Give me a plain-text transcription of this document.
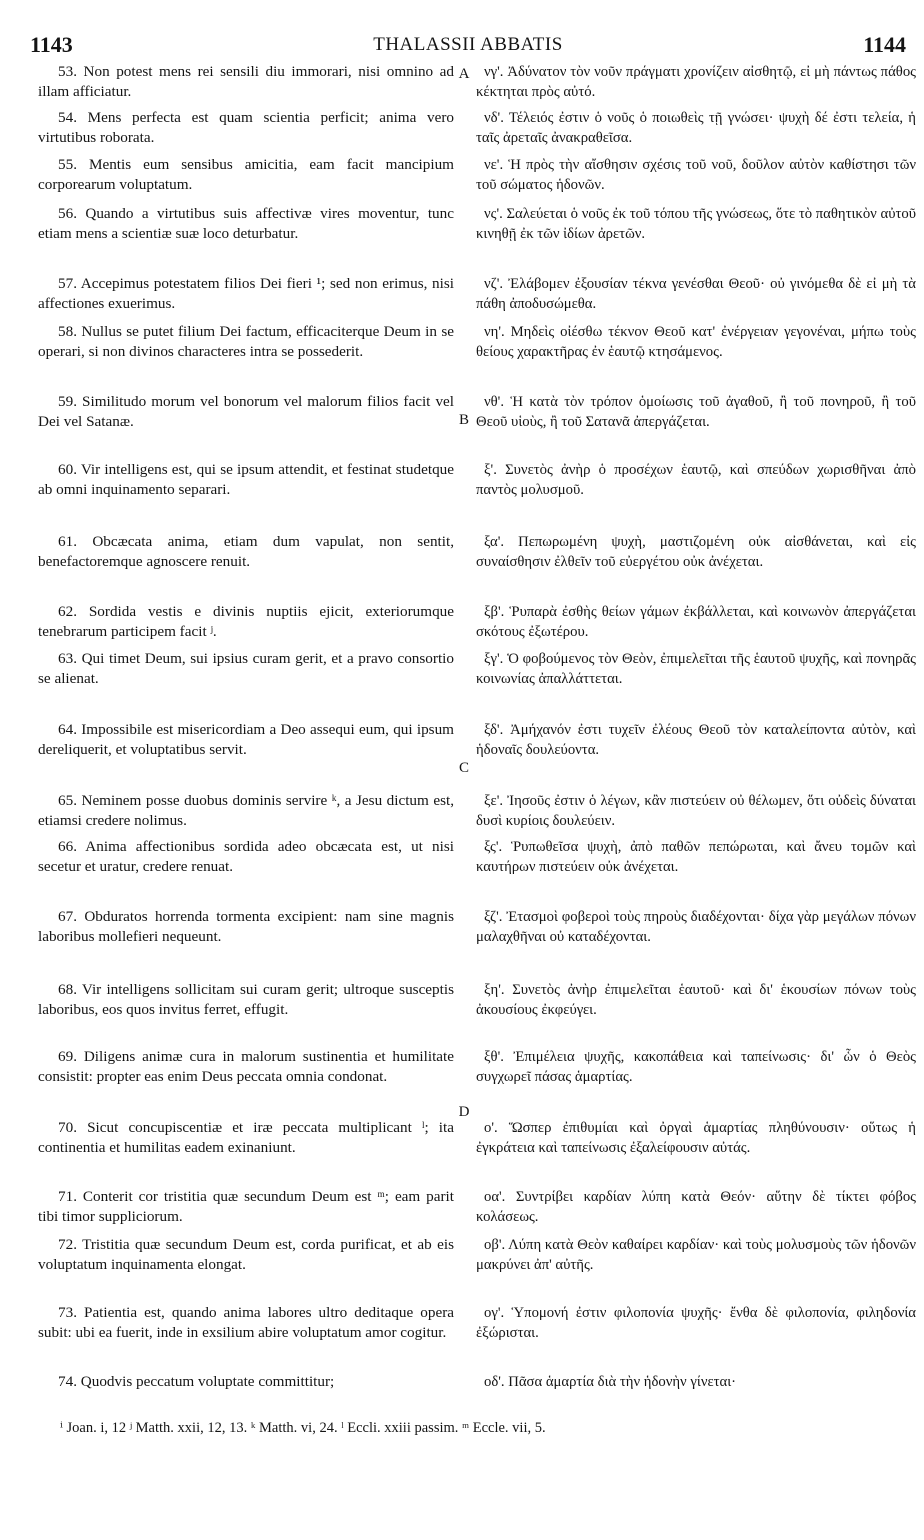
1143	THALASSII ABBATIS	1144

53. Non potest mens rei sensili diu immorari, nisi omnino ad illam afficiatur.

54. Mens perfecta est quam scientia perficit; anima vero virtutibus roborata.

55. Mentis eum sensibus amicitia, eam facit mancipium corporearum voluptatum.

56. Quando a virtutibus suis affectivæ vires moventur, tunc etiam mens a scientiæ suæ loco deturbatur.

57. Accepimus potestatem filios Dei fieri ¹; sed non erimus, nisi affectiones exuerimus.

58. Nullus se putet filium Dei factum, efficaciterque Deum in se operari, si non divinos characteres intra se possederit.

59. Similitudo morum vel bonorum vel malorum filios facit vel Dei vel Satanæ.

60. Vir intelligens est, qui se ipsum attendit, et festinat studetque ab omni inquinamento separari.

61. Obcæcata anima, etiam dum vapulat, non sentit, benefactoremque agnoscere renuit.

62. Sordida vestis e divinis nuptiis ejicit, exteriorumque tenebrarum participem facit ʲ.

63. Qui timet Deum, sui ipsius curam gerit, et a pravo consortio se alienat.

64. Impossibile est misericordiam a Deo assequi eum, qui ipsum dereliquerit, et voluptatibus servit.

65. Neminem posse duobus dominis servire ᵏ, a Jesu dictum est, etiamsi credere nolimus.

66. Anima affectionibus sordida adeo obcæcata est, ut nisi secetur et uratur, credere renuat.

67. Obduratos horrenda tormenta excipient: nam sine magnis laboribus mollefieri nequeunt.

68. Vir intelligens sollicitam sui curam gerit; ultroque susceptis laboribus, eos quos invitus ferret, effugit.

69. Diligens animæ cura in malorum sustinentia et humilitate consistit: propter eas enim Deus peccata omnia condonat.

70. Sicut concupiscentiæ et iræ peccata multiplicant ˡ; ita continentia et humilitas eadem exinaniunt.

71. Conterit cor tristitia quæ secundum Deum est ᵐ; eam parit tibi timor suppliciorum.

72. Tristitia quæ secundum Deum est, corda purificat, et ab eis voluptatum inquinamenta elongat.

73. Patientia est, quando anima labores ultro deditaque opera subit: ubi ea fuerit, inde in exsilium abire voluptatum amor cogitur.

74. Quodvis peccatum voluptate committitur;

A
B
C
D

νγ'. Ἀδύνατον τὸν νοῦν πράγματι χρονίζειν αἰσθητῷ, εἰ μὴ πάντως πάθος κέκτηται πρὸς αὐτό.

νδ'. Τέλειός ἐστιν ὁ νοῦς ὁ ποιωθεὶς τῇ γνώσει· ψυχὴ δέ ἐστι τελεία, ἡ ταῖς ἀρεταῖς ἀνακραθεῖσα.

νε'. Ἡ πρὸς τὴν αἴσθησιν σχέσις τοῦ νοῦ, δοῦλον αὐτὸν καθίστησι τῶν τοῦ σώματος ἡδονῶν.

νς'. Σαλεύεται ὁ νοῦς ἐκ τοῦ τόπου τῆς γνώσεως, ὅτε τὸ παθητικὸν αὐτοῦ κινηθῇ ἐκ τῶν ἰδίων ἀρετῶν.

νζ'. Ἐλάβομεν ἐξουσίαν τέκνα γενέσθαι Θεοῦ· οὐ γινόμεθα δὲ εἰ μὴ τὰ πάθη ἀποδυσώμεθα.

νη'. Μηδεὶς οἰέσθω τέκνον Θεοῦ κατ' ἐνέργειαν γεγονέναι, μήπω τοὺς θείους χαρακτῆρας ἐν ἑαυτῷ κτησάμενος.

νθ'. Ἡ κατὰ τὸν τρόπον ὁμοίωσις τοῦ ἀγαθοῦ, ἢ τοῦ πονηροῦ, ἢ τοῦ Θεοῦ υἱοὺς, ἢ τοῦ Σατανᾶ ἀπεργάζεται.

ξ'. Συνετὸς ἀνὴρ ὁ προσέχων ἑαυτῷ, καὶ σπεύδων χωρισθῆναι ἀπὸ παντὸς μολυσμοῦ.

ξα'. Πεπωρωμένη ψυχὴ, μαστιζομένη οὐκ αἰσθάνεται, καὶ εἰς συναίσθησιν ἐλθεῖν τοῦ εὐεργέτου οὐκ ἀνέχεται.

ξβ'. Ῥυπαρὰ ἐσθὴς θείων γάμων ἐκβάλλεται, καὶ κοινωνὸν ἀπεργάζεται σκότους ἐξωτέρου.

ξγ'. Ὁ φοβούμενος τὸν Θεὸν, ἐπιμελεῖται τῆς ἑαυτοῦ ψυχῆς, καὶ πονηρᾶς κοινωνίας ἀπαλλάττεται.

ξδ'. Ἀμήχανόν ἐστι τυχεῖν ἐλέους Θεοῦ τὸν καταλείποντα αὐτὸν, καὶ ἡδοναῖς δουλεύοντα.

ξε'. Ἰησοῦς ἐστιν ὁ λέγων, κἂν πιστεύειν οὐ θέλωμεν, ὅτι οὐδεὶς δύναται δυσὶ κυρίοις δουλεύειν.

ξς'. Ῥυπωθεῖσα ψυχὴ, ἀπὸ παθῶν πεπώρωται, καὶ ἄνευ τομῶν καὶ καυτήρων πιστεύειν οὐκ ἀνέχεται.

ξζ'. Ἐτασμοὶ φοβεροὶ τοὺς πηροὺς διαδέχονται· δίχα γὰρ μεγάλων πόνων μαλαχθῆναι οὐ καταδέχονται.

ξη'. Συνετὸς ἀνὴρ ἐπιμελεῖται ἑαυτοῦ· καὶ δι' ἑκουσίων πόνων τοὺς ἀκουσίους ἐκφεύγει.

ξθ'. Ἐπιμέλεια ψυχῆς, κακοπάθεια καὶ ταπείνωσις· δι' ὧν ὁ Θεὸς συγχωρεῖ πάσας ἁμαρτίας.

ο'. Ὥσπερ ἐπιθυμίαι καὶ ὀργαὶ ἁμαρτίας πληθύνουσιν· οὕτως ἡ ἐγκράτεια καὶ ταπείνωσις ἐξαλείφουσιν αὐτάς.

οα'. Συντρίβει καρδίαν λύπη κατὰ Θεόν· αὕτην δὲ τίκτει φόβος κολάσεως.

οβ'. Λύπη κατὰ Θεὸν καθαίρει καρδίαν· καὶ τοὺς μολυσμοὺς τῶν ἡδονῶν μακρύνει ἀπ' αὐτῆς.

ογ'. Ὑπομονή ἐστιν φιλοπονία ψυχῆς· ἔνθα δὲ φιλοπονία, φιληδονία ἐξώρισται.

οδ'. Πᾶσα ἁμαρτία διὰ τὴν ἡδονὴν γίνεται·

ⁱ Joan. i, 12 ʲ Matth. xxii, 12, 13. ᵏ Matth. vi, 24. ˡ Eccli. xxiii passim. ᵐ Eccle. vii, 5.
